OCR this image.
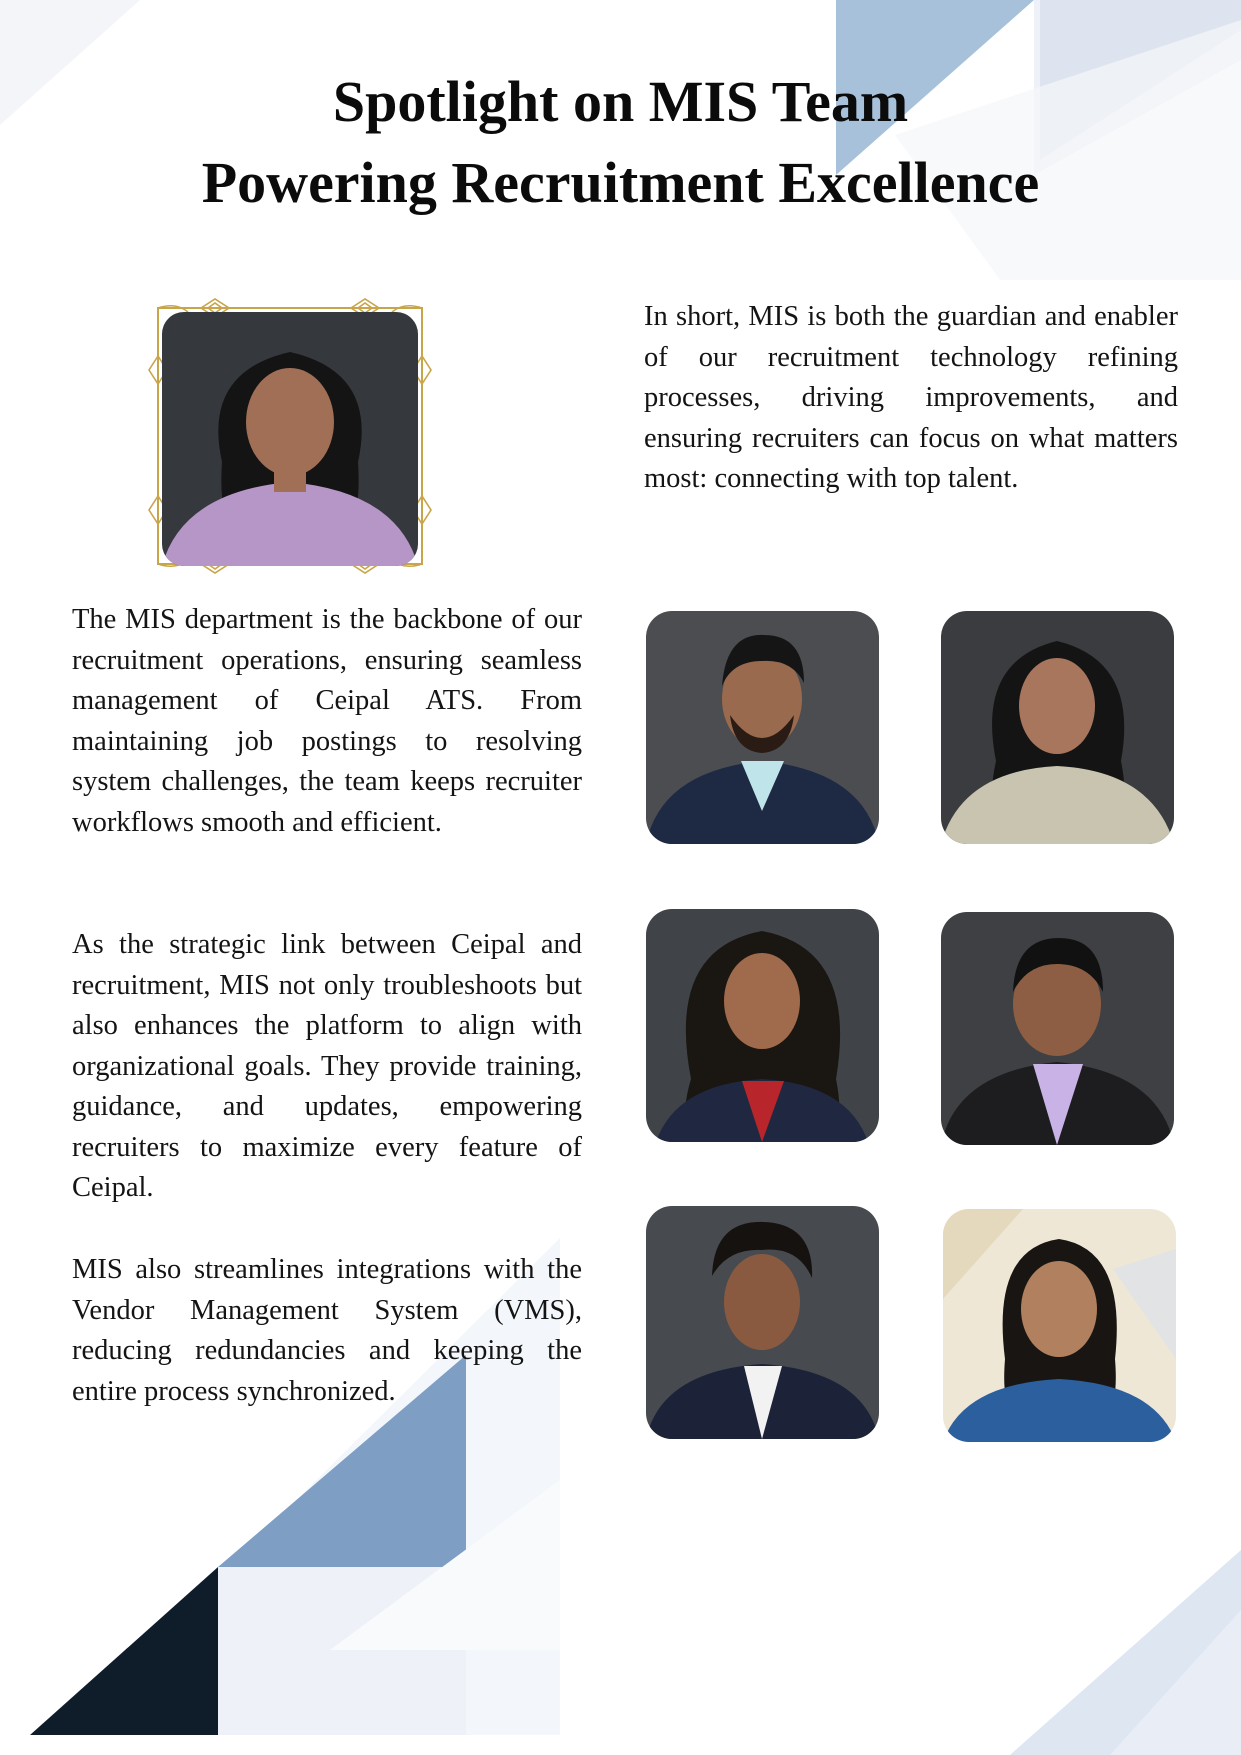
Spotlight on MIS Team
Powering Recruitment Excellence

In short, MIS is both the guardian and enabler of our recruitment technology refining processes, driving improvements, and ensuring recruiters can focus on what matters most: connecting with top talent.

The MIS department is the backbone of our recruitment operations, ensuring seamless management of Ceipal ATS. From maintaining job postings to resolving system challenges, the team keeps recruiter workflows smooth and efficient.

As the strategic link between Ceipal and recruitment, MIS not only troubleshoots but also enhances the platform to align with organizational goals. They provide training, guidance, and updates, empowering recruiters to maximize every feature of Ceipal.

MIS also streamlines integrations with the Vendor Management System (VMS), reducing redundancies and keeping the entire process synchronized.
